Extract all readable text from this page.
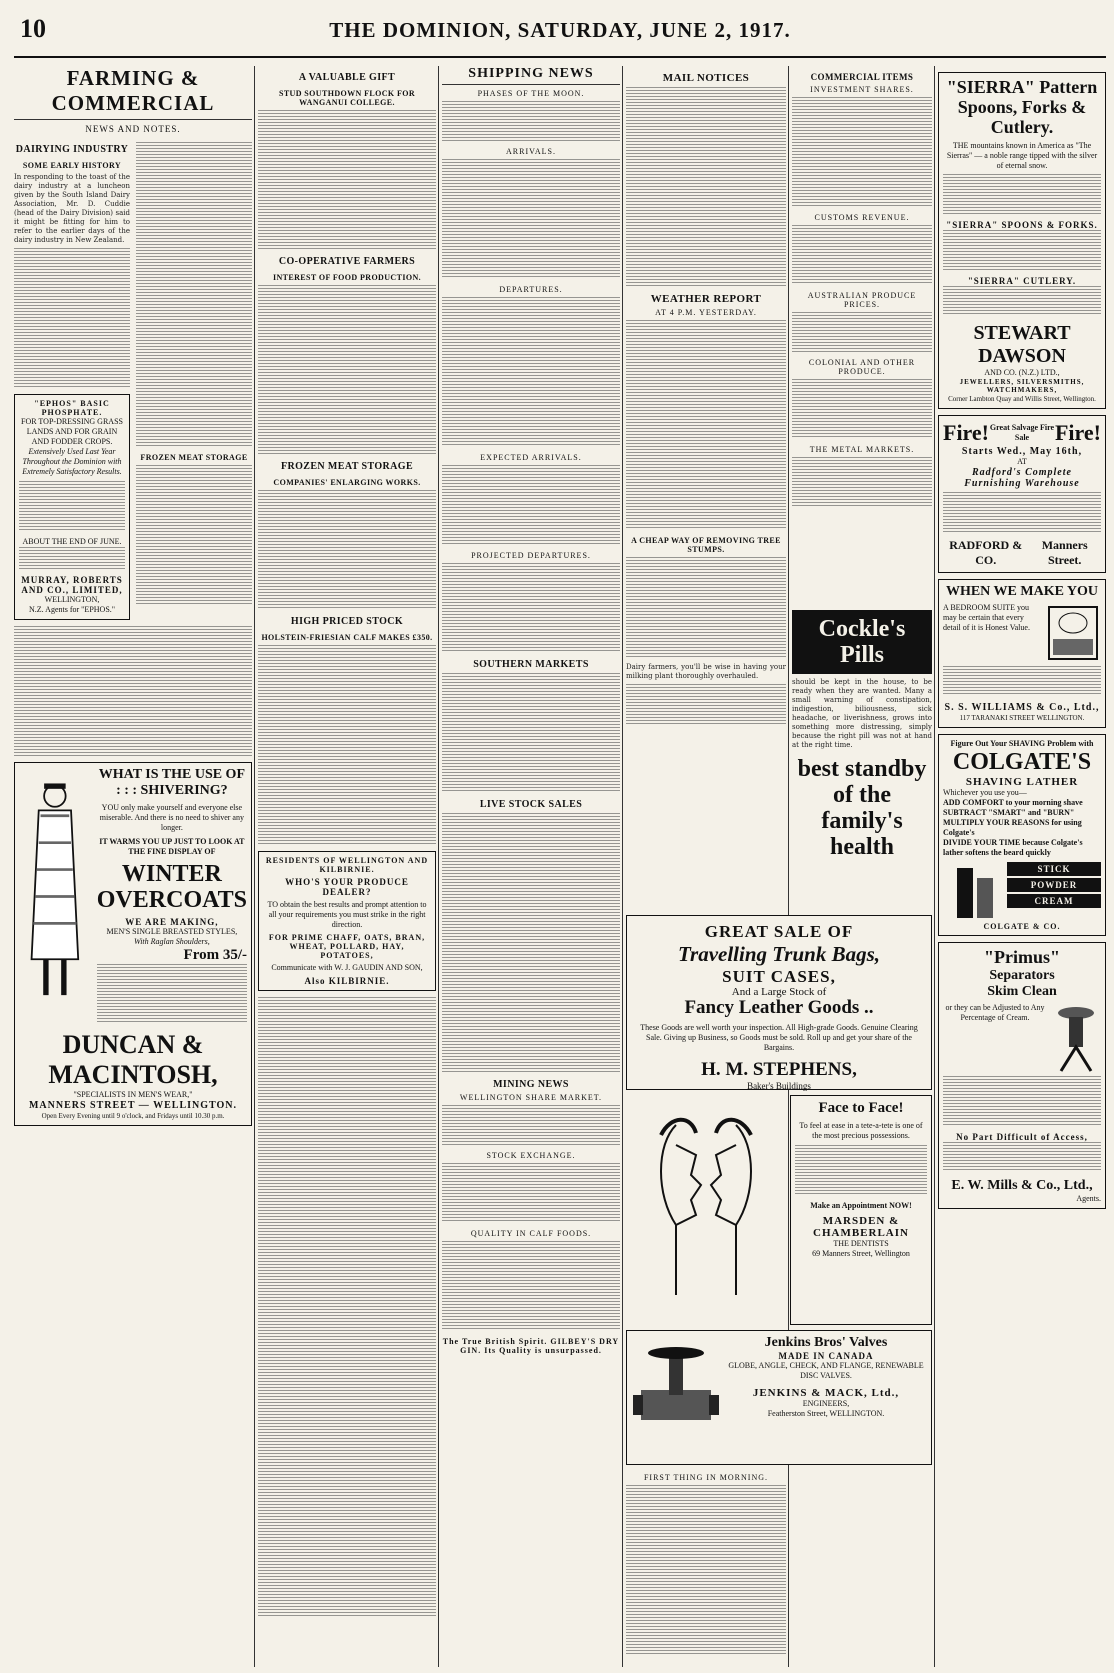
10	THE DOMINION, SATURDAY, JUNE 2, 1917.
FARMING & COMMERCIAL
NEWS AND NOTES.
DAIRYING INDUSTRY
SOME EARLY HISTORY
In responding to the toast of the dairy industry at a luncheon given by the South Island Dairy Association, Mr. D. Cuddie (head of the Dairy Division) said it might be fitting for him to refer to the earlier days of the dairy industry in New Zealand.
"EPHOS" BASIC PHOSPHATE.
FOR TOP-DRESSING GRASS LANDS AND FOR GRAIN AND FODDER CROPS.
Extensively Used Last Year Throughout the Dominion with Extremely Satisfactory Results.
ABOUT THE END OF JUNE.
MURRAY, ROBERTS AND CO., LIMITED,
WELLINGTON,
N.Z. Agents for "EPHOS."
FROZEN MEAT STORAGE
WHAT IS THE USE OF : : : SHIVERING?
YOU only make yourself and everyone else miserable. And there is no need to shiver any longer.
IT WARMS YOU UP JUST TO LOOK AT THE FINE DISPLAY OF
WINTER OVERCOATS
WE ARE MAKING,
MEN'S SINGLE BREASTED STYLES,
With Raglan Shoulders,
From 35/-
DUNCAN & MACINTOSH,
"SPECIALISTS IN MEN'S WEAR,"
MANNERS STREET — WELLINGTON.
Open Every Evening until 9 o'clock, and Fridays until 10.30 p.m.
A VALUABLE GIFT
STUD SOUTHDOWN FLOCK FOR WANGANUI COLLEGE.
CO-OPERATIVE FARMERS
INTEREST OF FOOD PRODUCTION.
FROZEN MEAT STORAGE
COMPANIES' ENLARGING WORKS.
HIGH PRICED STOCK
HOLSTEIN-FRIESIAN CALF MAKES £350.
RESIDENTS OF WELLINGTON AND KILBIRNIE.
WHO'S YOUR PRODUCE DEALER?
TO obtain the best results and prompt attention to all your requirements you must strike in the right direction.
FOR PRIME CHAFF, OATS, BRAN, WHEAT, POLLARD, HAY, POTATOES,
Communicate with W. J. GAUDIN AND SON,
Also KILBIRNIE.
SHIPPING NEWS
PHASES OF THE MOON.
ARRIVALS.
DEPARTURES.
EXPECTED ARRIVALS.
PROJECTED DEPARTURES.
SOUTHERN MARKETS
LIVE STOCK SALES
MINING NEWS
WELLINGTON SHARE MARKET.
STOCK EXCHANGE.
QUALITY IN CALF FOODS.
The True British Spirit. GILBEY'S DRY GIN. Its Quality is unsurpassed.
MAIL NOTICES
WEATHER REPORT
AT 4 P.M. YESTERDAY.
A CHEAP WAY OF REMOVING TREE STUMPS.
Dairy farmers, you'll be wise in having your milking plant thoroughly overhauled.
COMMERCIAL ITEMS
INVESTMENT SHARES.
CUSTOMS REVENUE.
AUSTRALIAN PRODUCE PRICES.
COLONIAL AND OTHER PRODUCE.
THE METAL MARKETS.
Cockle's Pills
should be kept in the house, to be ready when they are wanted. Many a small warning of constipation, indigestion, biliousness, sick headache, or liverishness, grows into something more distressing, simply because the right pill was not at hand at the right time.
best standby of the family's health
GREAT SALE OF
Travelling Trunk Bags,
SUIT CASES,
And a Large Stock of
Fancy Leather Goods ..
These Goods are well worth your inspection. All High-grade Goods. Genuine Clearing Sale. Giving up Business, so Goods must be sold. Roll up and get your share of the Bargains.
H. M. STEPHENS,
Baker's Buildings
Face to Face!
To feel at ease in a tete-a-tete is one of the most precious possessions.
Make an Appointment NOW!
MARSDEN & CHAMBERLAIN
THE DENTISTS
69 Manners Street, Wellington
Jenkins Bros' Valves
MADE IN CANADA
GLOBE, ANGLE, CHECK, AND FLANGE, RENEWABLE DISC VALVES.
JENKINS & MACK, Ltd.,
ENGINEERS,
Featherston Street, WELLINGTON.
FIRST THING IN MORNING.
"SIERRA" Pattern Spoons, Forks & Cutlery.
THE mountains known in America as "The Sierras" — a noble range tipped with the silver of eternal snow.
"SIERRA" SPOONS & FORKS.
"SIERRA" CUTLERY.
STEWART DAWSON
AND CO. (N.Z.) LTD.,
JEWELLERS, SILVERSMITHS, WATCHMAKERS,
Corner Lambton Quay and Willis Street, Wellington.
Fire! Great Salvage Fire Sale	Fire!
Starts Wed., May 16th,
AT
Radford's Complete Furnishing Warehouse
RADFORD & CO.
Manners Street.
WHEN WE MAKE YOU
A BEDROOM SUITE you may be certain that every detail of it is Honest Value.
S. S. WILLIAMS & Co., Ltd.,
117 TARANAKI STREET WELLINGTON.
Figure Out Your SHAVING Problem with
COLGATE'S
SHAVING LATHER
Whichever you use you—
ADD COMFORT to your morning shave
SUBTRACT "SMART" and "BURN"
MULTIPLY YOUR REASONS for using Colgate's
DIVIDE YOUR TIME because Colgate's lather softens the beard quickly
STICK
POWDER
CREAM
COLGATE & CO.
"Primus"
Separators
Skim Clean
or they can be Adjusted to Any Percentage of Cream.
No Part Difficult of Access,
E. W. Mills & Co., Ltd.,
Agents.
